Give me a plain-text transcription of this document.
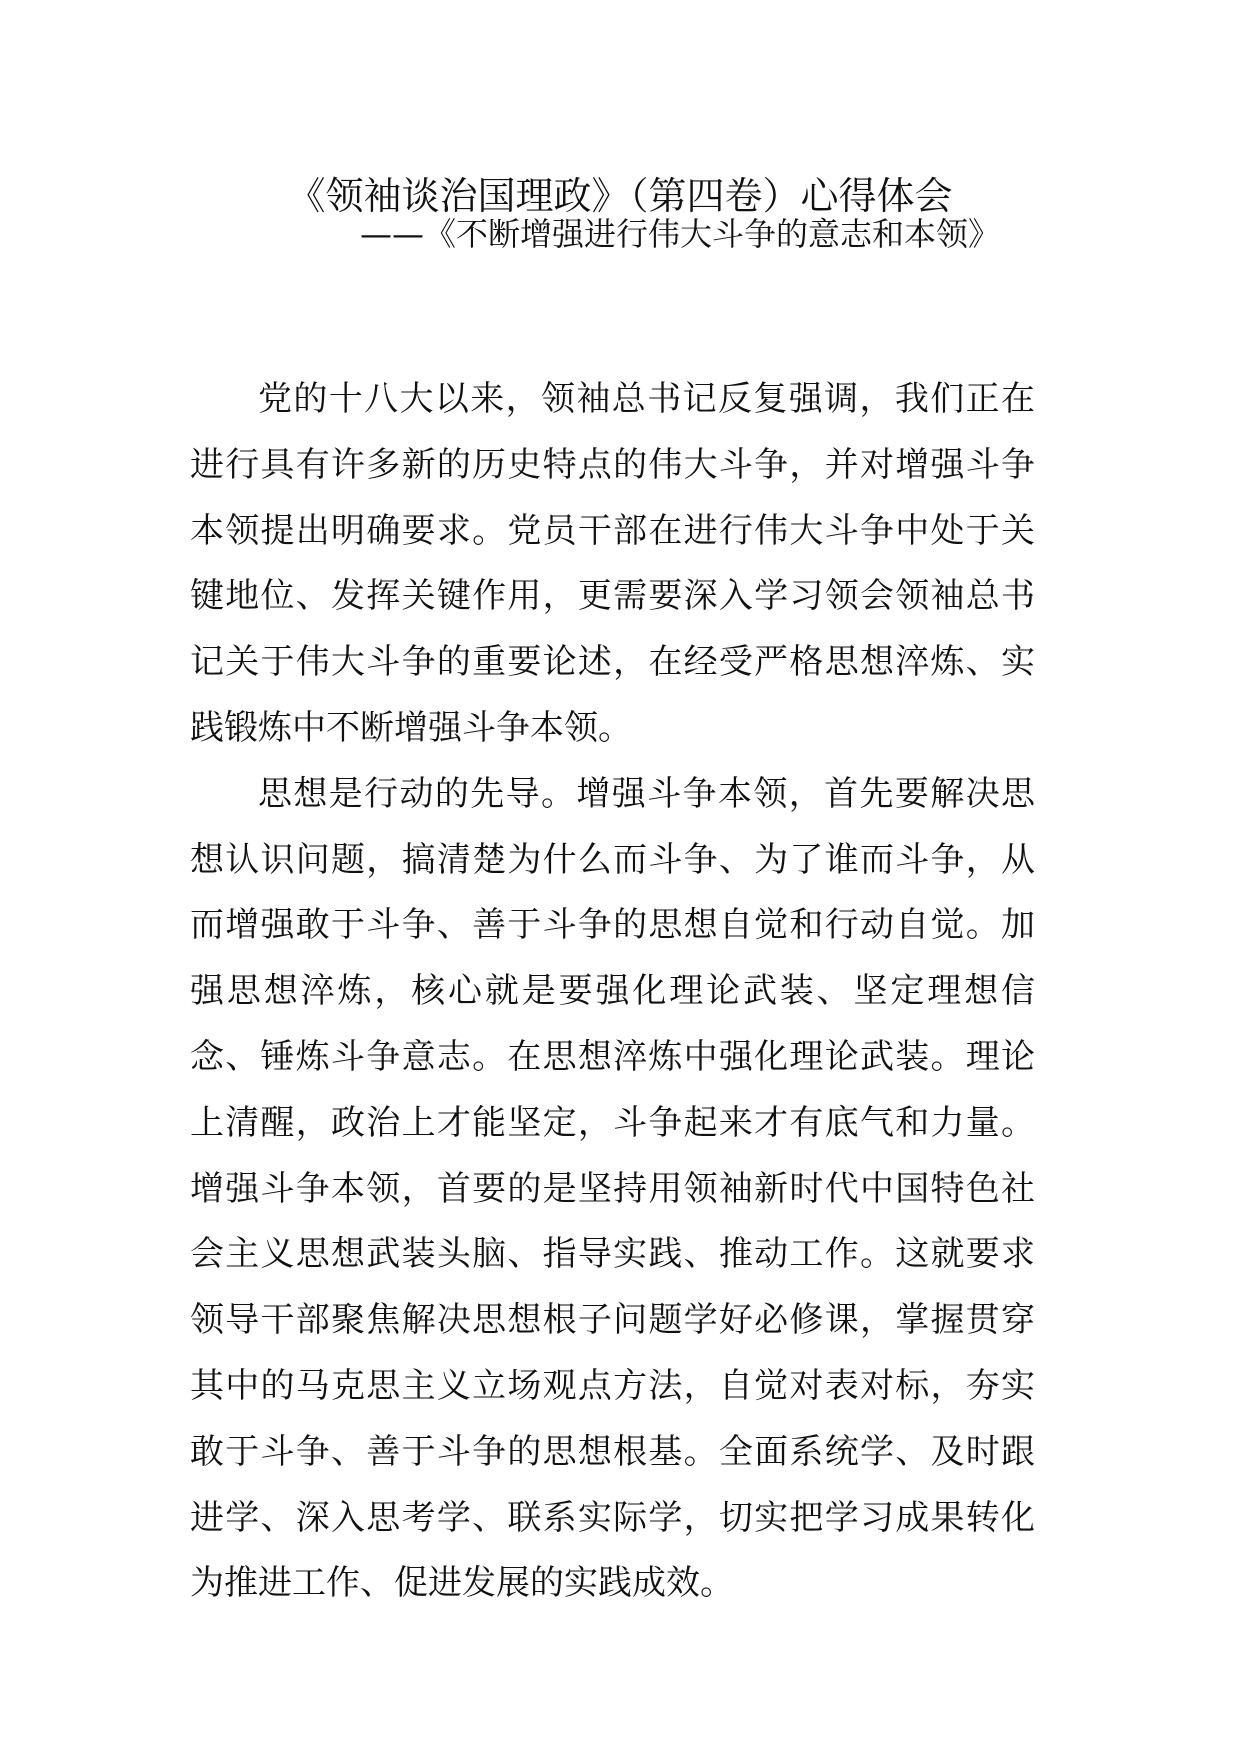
《领袖谈治国理政》（第四卷）心得体会
——《不断增强进行伟大斗争的意志和本领》

党的十八大以来，领袖总书记反复强调，我们正在进行具有许多新的历史特点的伟大斗争，并对增强斗争本领提出明确要求。党员干部在进行伟大斗争中处于关键地位、发挥关键作用，更需要深入学习领会领袖总书记关于伟大斗争的重要论述，在经受严格思想淬炼、实践锻炼中不断增强斗争本领。

思想是行动的先导。增强斗争本领，首先要解决思想认识问题，搞清楚为什么而斗争、为了谁而斗争，从而增强敢于斗争、善于斗争的思想自觉和行动自觉。加强思想淬炼，核心就是要强化理论武装、坚定理想信念、锤炼斗争意志。在思想淬炼中强化理论武装。理论上清醒，政治上才能坚定，斗争起来才有底气和力量。增强斗争本领，首要的是坚持用领袖新时代中国特色社会主义思想武装头脑、指导实践、推动工作。这就要求领导干部聚焦解决思想根子问题学好必修课，掌握贯穿其中的马克思主义立场观点方法，自觉对表对标，夯实敢于斗争、善于斗争的思想根基。全面系统学、及时跟进学、深入思考学、联系实际学，切实把学习成果转化为推进工作、促进发展的实践成效。
